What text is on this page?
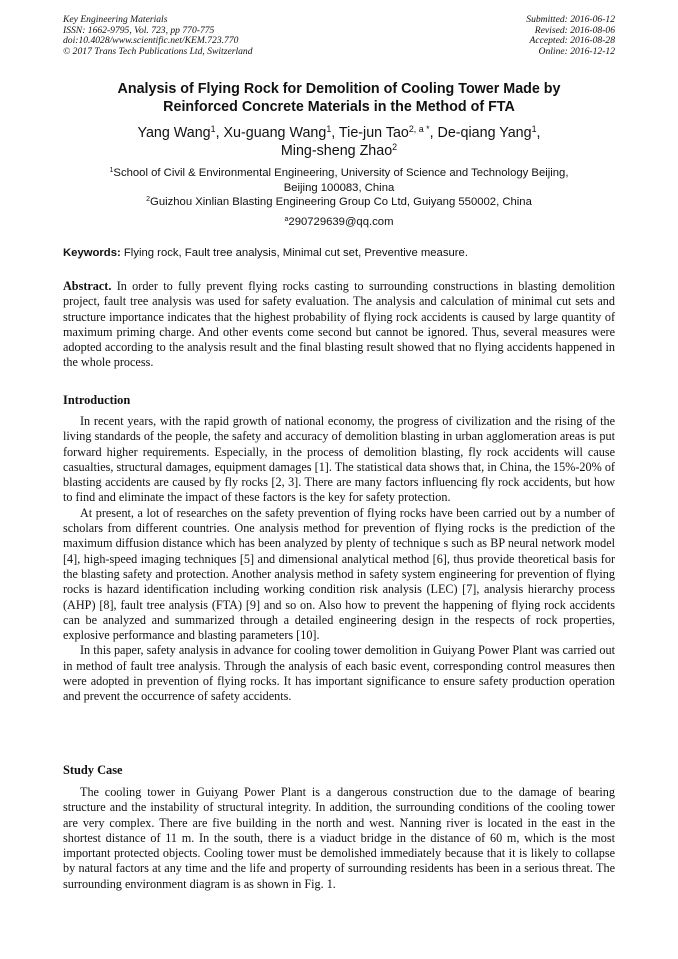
Key Engineering Materials
ISSN: 1662-9795, Vol. 723, pp 770-775
doi:10.4028/www.scientific.net/KEM.723.770
© 2017 Trans Tech Publications Ltd, Switzerland
Submitted: 2016-06-12
Revised: 2016-08-06
Accepted: 2016-08-28
Online: 2016-12-12
Analysis of Flying Rock for Demolition of Cooling Tower Made by
Reinforced Concrete Materials in the Method of FTA
Yang Wang$^1$, Xu-guang Wang$^1$, Tie-jun Tao$^{2, a *}$, De-qiang Yang$^1$,
Ming-sheng Zhao$^2$
$^1$School of Civil & Environmental Engineering, University of Science and Technology Beijing,
Beijing 100083, China
$^2$Guizhou Xinlian Blasting Engineering Group Co Ltd, Guiyang 550002, China
$^a$290729639@qq.com
Keywords: Flying rock, Fault tree analysis, Minimal cut set, Preventive measure.

Abstract. In order to fully prevent flying rocks casting to surrounding constructions in blasting demolition project, fault tree analysis was used for safety evaluation. The analysis and calculation of minimal cut sets and structure importance indicates that the highest probability of flying rock accidents is caused by large quantity of maximum priming charge. And other events come second but cannot be ignored. Thus, several measures were adopted according to the analysis result and the final blasting result showed that no flying accidents happened in the whole process.

Introduction

In recent years, with the rapid growth of national economy, the progress of civilization and the rising of the living standards of the people, the safety and accuracy of demolition blasting in urban agglomeration areas is put forward higher requirements. Especially, in the process of demolition blasting, fly rock accidents will cause casualties, structural damages, equipment damages [1]. The statistical data shows that, in China, the 15%-20% of blasting accidents are caused by fly rocks [2, 3]. There are many factors influencing fly rock accidents, but how to find and eliminate the impact of these factors is the key for safety protection.

At present, a lot of researches on the safety prevention of flying rocks have been carried out by a number of scholars from different countries. One analysis method for prevention of flying rocks is the prediction of the maximum diffusion distance which has been analyzed by plenty of technique s such as BP neural network model [4], high-speed imaging techniques [5] and dimensional analytical method [6], thus provide theoretical basis for the blasting safety and protection. Another analysis method in safety system engineering for prevention of flying rocks is hazard identification including working condition risk analysis (LEC) [7], analysis hierarchy process (AHP) [8], fault tree analysis (FTA) [9] and so on. Also how to prevent the happening of flying rock accidents can be analyzed and summarized through a detailed engineering design in the respects of rock properties, explosive performance and blasting parameters [10].

In this paper, safety analysis in advance for cooling tower demolition in Guiyang Power Plant was carried out in method of fault tree analysis. Through the analysis of each basic event, corresponding control measures then were adopted in prevention of flying rocks. It has important significance to ensure safety production operation and prevent the occurrence of safety accidents.

Study Case

The cooling tower in Guiyang Power Plant is a dangerous construction due to the damage of bearing structure and the instability of structural integrity. In addition, the surrounding conditions of the cooling tower are very complex. There are five building in the north and west. Nanning river is located in the east in the shortest distance of 11 m. In the south, there is a viaduct bridge in the distance of 60 m, which is the most important protected objects. Cooling tower must be demolished immediately because that it is likely to collapse by natural factors at any time and the life and property of surrounding residents has been in a serious threat. The surrounding environment diagram is as shown in Fig. 1.
